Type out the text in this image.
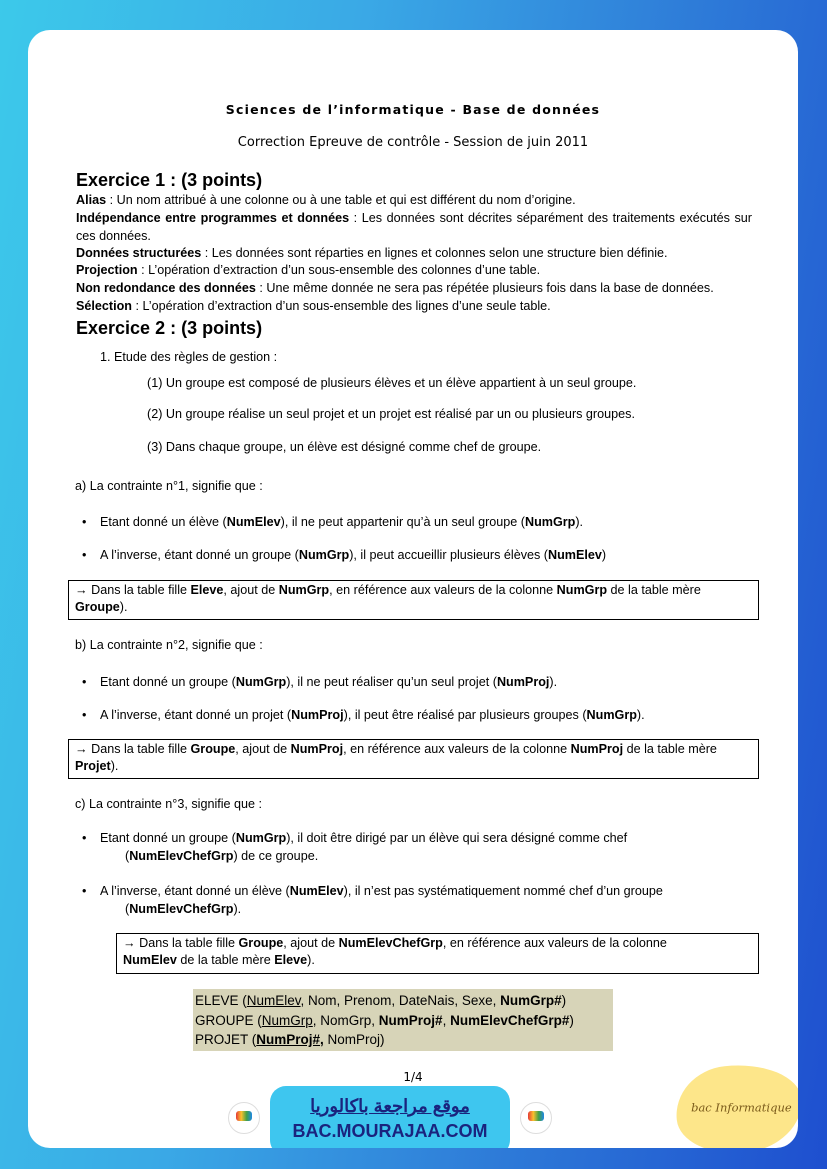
Sciences de l’informatique - Base de données
Correction Epreuve de contrôle - Session de juin 2011
Exercice 1 : (3 points)
Alias : Un nom attribué à une colonne ou à une table et qui est différent du nom d’origine.
Indépendance entre programmes et données : Les données sont décrites séparément des traitements exécutés sur ces données.
Données structurées : Les données sont réparties en lignes et colonnes selon une structure bien définie.
Projection : L’opération d’extraction d’un sous-ensemble des colonnes d’une table.
Non redondance des données : Une même donnée ne sera pas répétée plusieurs fois dans la base de données.
Sélection : L’opération d’extraction d’un sous-ensemble des lignes d’une seule table.
Exercice 2 : (3 points)
1. Etude des règles de gestion :
(1) Un groupe est composé de plusieurs élèves et un élève appartient à un seul groupe.
(2) Un groupe réalise un seul projet et un projet est réalisé par un ou plusieurs groupes.
(3) Dans chaque groupe, un élève est désigné comme chef de groupe.
a) La contrainte n°1, signifie que :
• Etant donné un élève (NumElev), il ne peut appartenir qu’à un seul groupe (NumGrp).
• A l’inverse, étant donné un groupe (NumGrp), il peut accueillir plusieurs élèves (NumElev)
→ Dans la table fille Eleve, ajout de NumGrp, en référence aux valeurs de la colonne NumGrp de la table mère Groupe).
b) La contrainte n°2, signifie que :
• Etant donné un groupe (NumGrp), il ne peut réaliser qu’un seul projet (NumProj).
• A l’inverse, étant donné un projet (NumProj), il peut être réalisé par plusieurs groupes (NumGrp).
→ Dans la table fille Groupe, ajout de NumProj, en référence aux valeurs de la colonne NumProj de la table mère Projet).
c) La contrainte n°3, signifie que :
• Etant donné un groupe (NumGrp), il doit être dirigé par un élève qui sera désigné comme chef
(NumElevChefGrp) de ce groupe.
• A l’inverse, étant donné un élève (NumElev), il n’est pas systématiquement nommé chef d’un groupe
(NumElevChefGrp).
→ Dans la table fille Groupe, ajout de NumElevChefGrp, en référence aux valeurs de la colonne
NumElev de la table mère Eleve).
ELEVE (NumElev, Nom, Prenom, DateNais, Sexe, NumGrp#)
GROUPE (NumGrp, NomGrp, NumProj#, NumElevChefGrp#)
PROJET (NumProj#, NomProj)
1/4
موقع مراجعة باكالوريا
BAC.MOURAJAA.COM
bac Informatique
